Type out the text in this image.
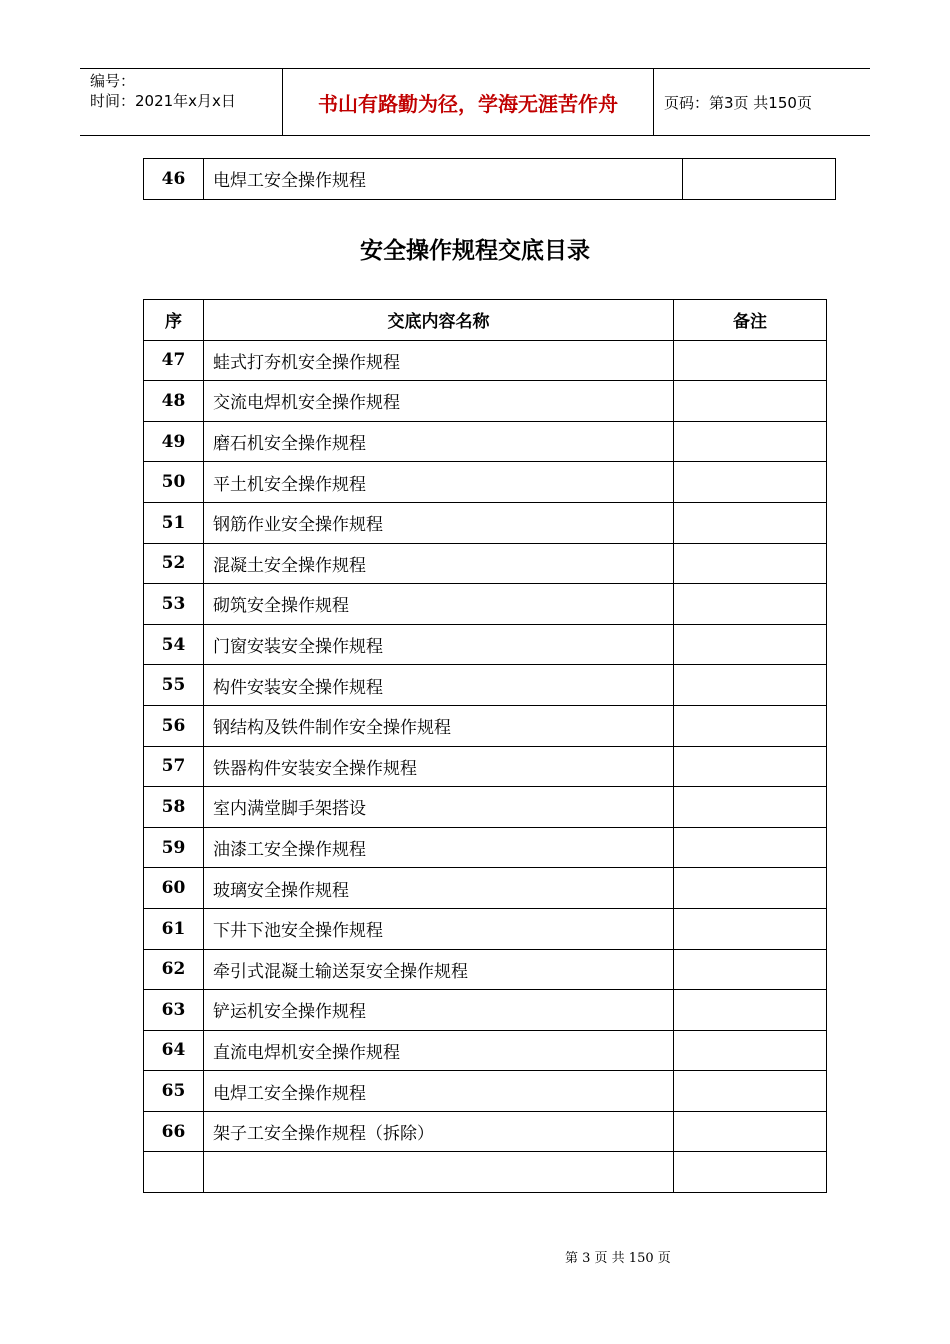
编号：
时间：2021年x月x日	书山有路勤为径，学海无涯苦作舟	页码：第3页 共150页
46	电焊工安全操作规程	
安全操作规程交底目录
序	交底内容名称	备注
47	蛙式打夯机安全操作规程	
48	交流电焊机安全操作规程	
49	磨石机安全操作规程	
50	平土机安全操作规程	
51	钢筋作业安全操作规程	
52	混凝土安全操作规程	
53	砌筑安全操作规程	
54	门窗安装安全操作规程	
55	构件安装安全操作规程	
56	钢结构及铁件制作安全操作规程	
57	铁器构件安装安全操作规程	
58	室内满堂脚手架搭设	
59	油漆工安全操作规程	
60	玻璃安全操作规程	
61	下井下池安全操作规程	
62	牵引式混凝土输送泵安全操作规程	
63	铲运机安全操作规程	
64	直流电焊机安全操作规程	
65	电焊工安全操作规程	
66	架子工安全操作规程（拆除）	

第 3 页 共 150 页
